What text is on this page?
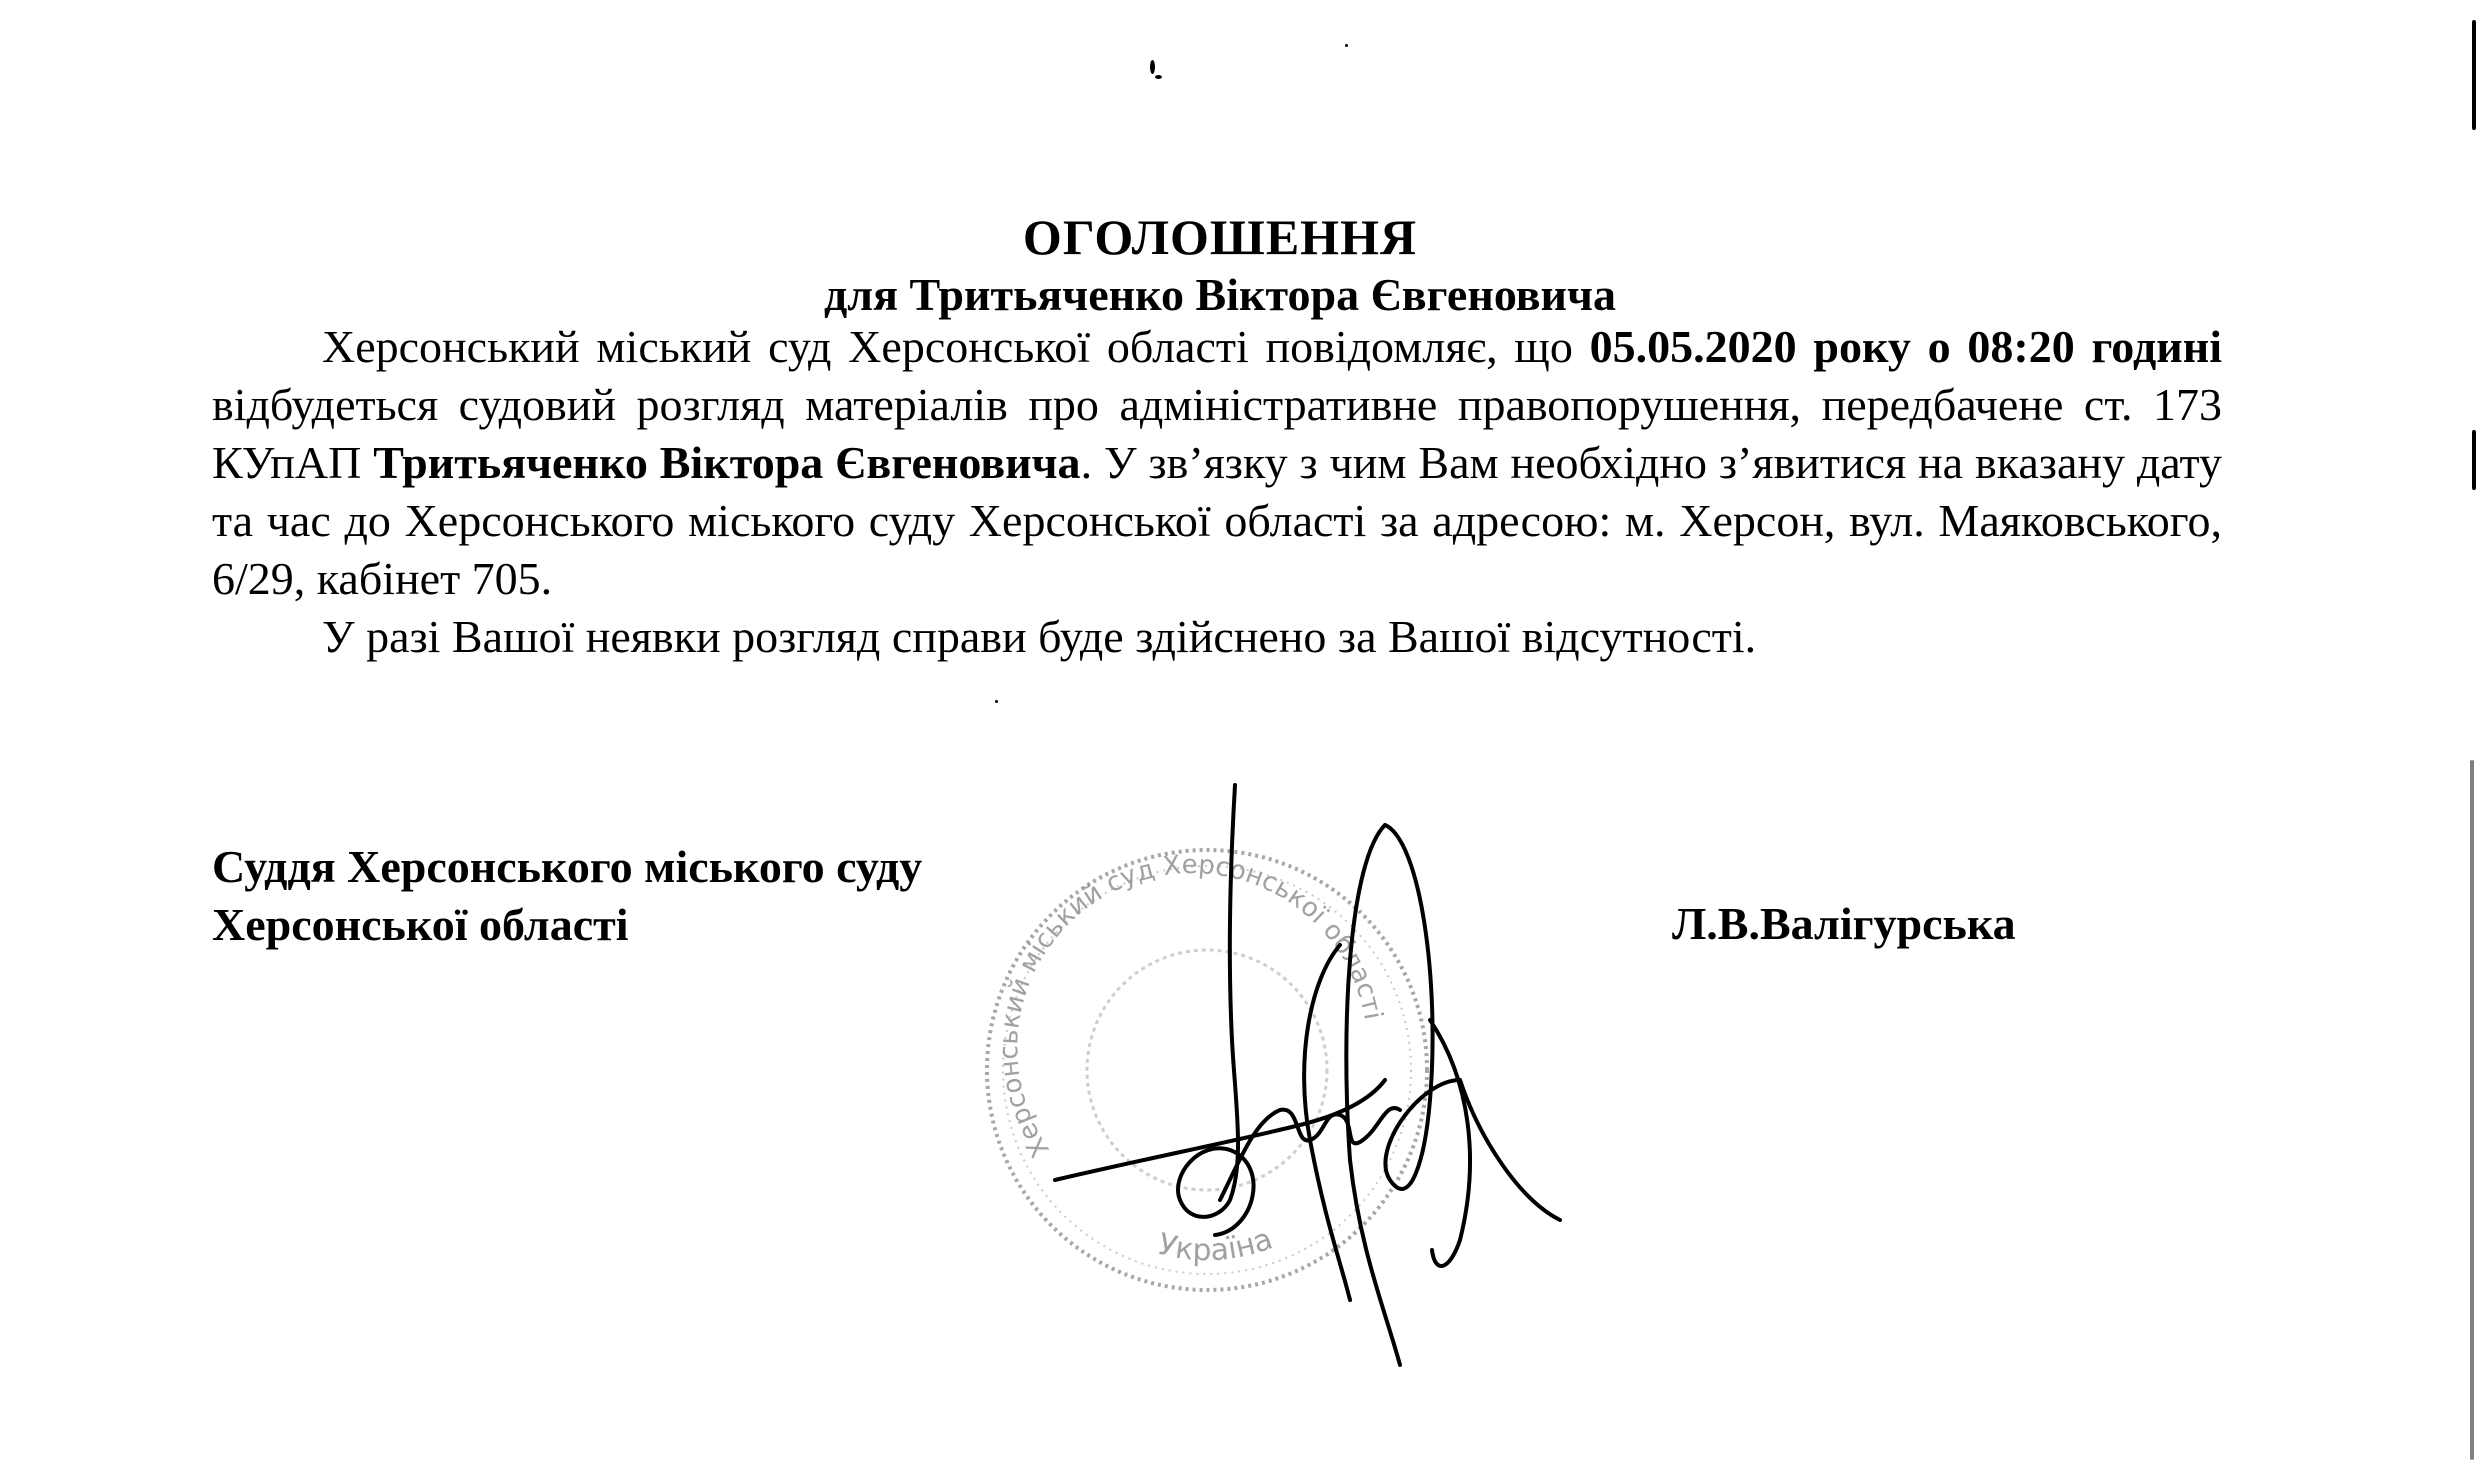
ОГОЛОШЕННЯ
для Тритьяченко Віктора Євгеновича

Херсонський міський суд Херсонської області повідомляє, що 05.05.2020 року о 08:20 годині відбудеться судовий розгляд матеріалів про адміністративне правопорушення, передбачене ст. 173 КУпАП Тритьяченко Віктора Євгеновича. У зв’язку з чим Вам необхідно з’явитися на вказану дату та час до Херсонського міського суду Херсонської області за адресою: м. Херсон, вул. Маяковського, 6/29, кабінет 705.

У разі Вашої неявки розгляд справи буде здійснено за Вашої відсутності.

Суддя Херсонського міського суду
Херсонської області	Л.В.Валігурська
Херсонський міський суд Херсонської області
Україна
